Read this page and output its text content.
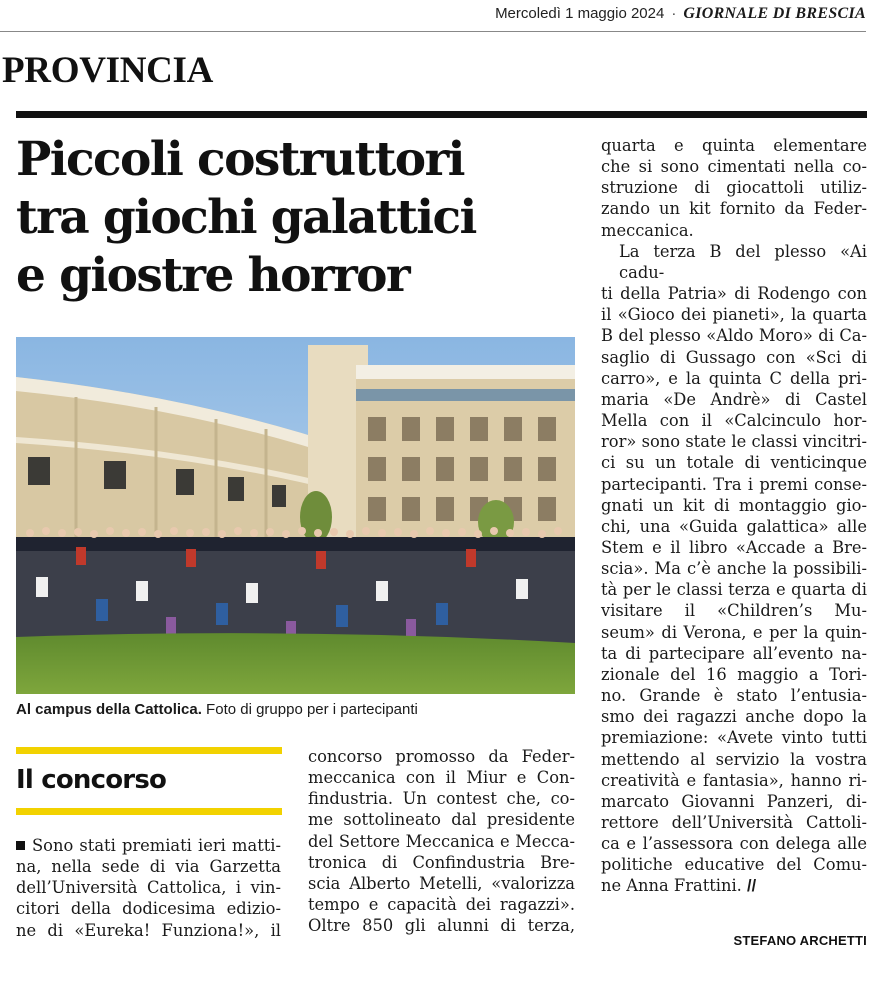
Mercoledì 1 maggio 2024 · GIORNALE DI BRESCIA
PROVINCIA
Piccoli costruttori
tra giochi galattici
e giostre horror
Al campus della Cattolica. Foto di gruppo per i partecipanti
Il concorso

Sono stati premiati ieri matti-

na, nella sede di via Garzetta

dell’Università Cattolica, i vin-

citori della dodicesima edizio-

ne di «Eureka! Funziona!», il

concorso promosso da Feder-

meccanica con il Miur e Con-

findustria. Un contest che, co-

me sottolineato dal presidente

del Settore Meccanica e Mecca-

tronica di Confindustria Bre-

scia Alberto Metelli, «valorizza

tempo e capacità dei ragazzi».

Oltre 850 gli alunni di terza,

quarta e quinta elementare

che si sono cimentati nella co-

struzione di giocattoli utiliz-

zando un kit fornito da Feder-

meccanica.

La terza B del plesso «Ai cadu-

ti della Patria» di Rodengo con

il «Gioco dei pianeti», la quarta

B del plesso «Aldo Moro» di Ca-

saglio di Gussago con «Sci di

carro», e la quinta C della pri-

maria «De Andrè» di Castel

Mella con il «Calcinculo hor-

ror» sono state le classi vincitri-

ci su un totale di venticinque

partecipanti. Tra i premi conse-

gnati un kit di montaggio gio-

chi, una «Guida galattica» alle

Stem e il libro «Accade a Bre-

scia». Ma c’è anche la possibili-

tà per le classi terza e quarta di

visitare il «Children’s Mu-

seum» di Verona, e per la quin-

ta di partecipare all’evento na-

zionale del 16 maggio a Tori-

no. Grande è stato l’entusia-

smo dei ragazzi anche dopo la

premiazione: «Avete vinto tutti

mettendo al servizio la vostra

creatività e fantasia», hanno ri-

marcato Giovanni Panzeri, di-

rettore dell’Università Cattoli-

ca e l’assessora con delega alle

politiche educative del Comu-

ne Anna Frattini. //

STEFANO ARCHETTI
